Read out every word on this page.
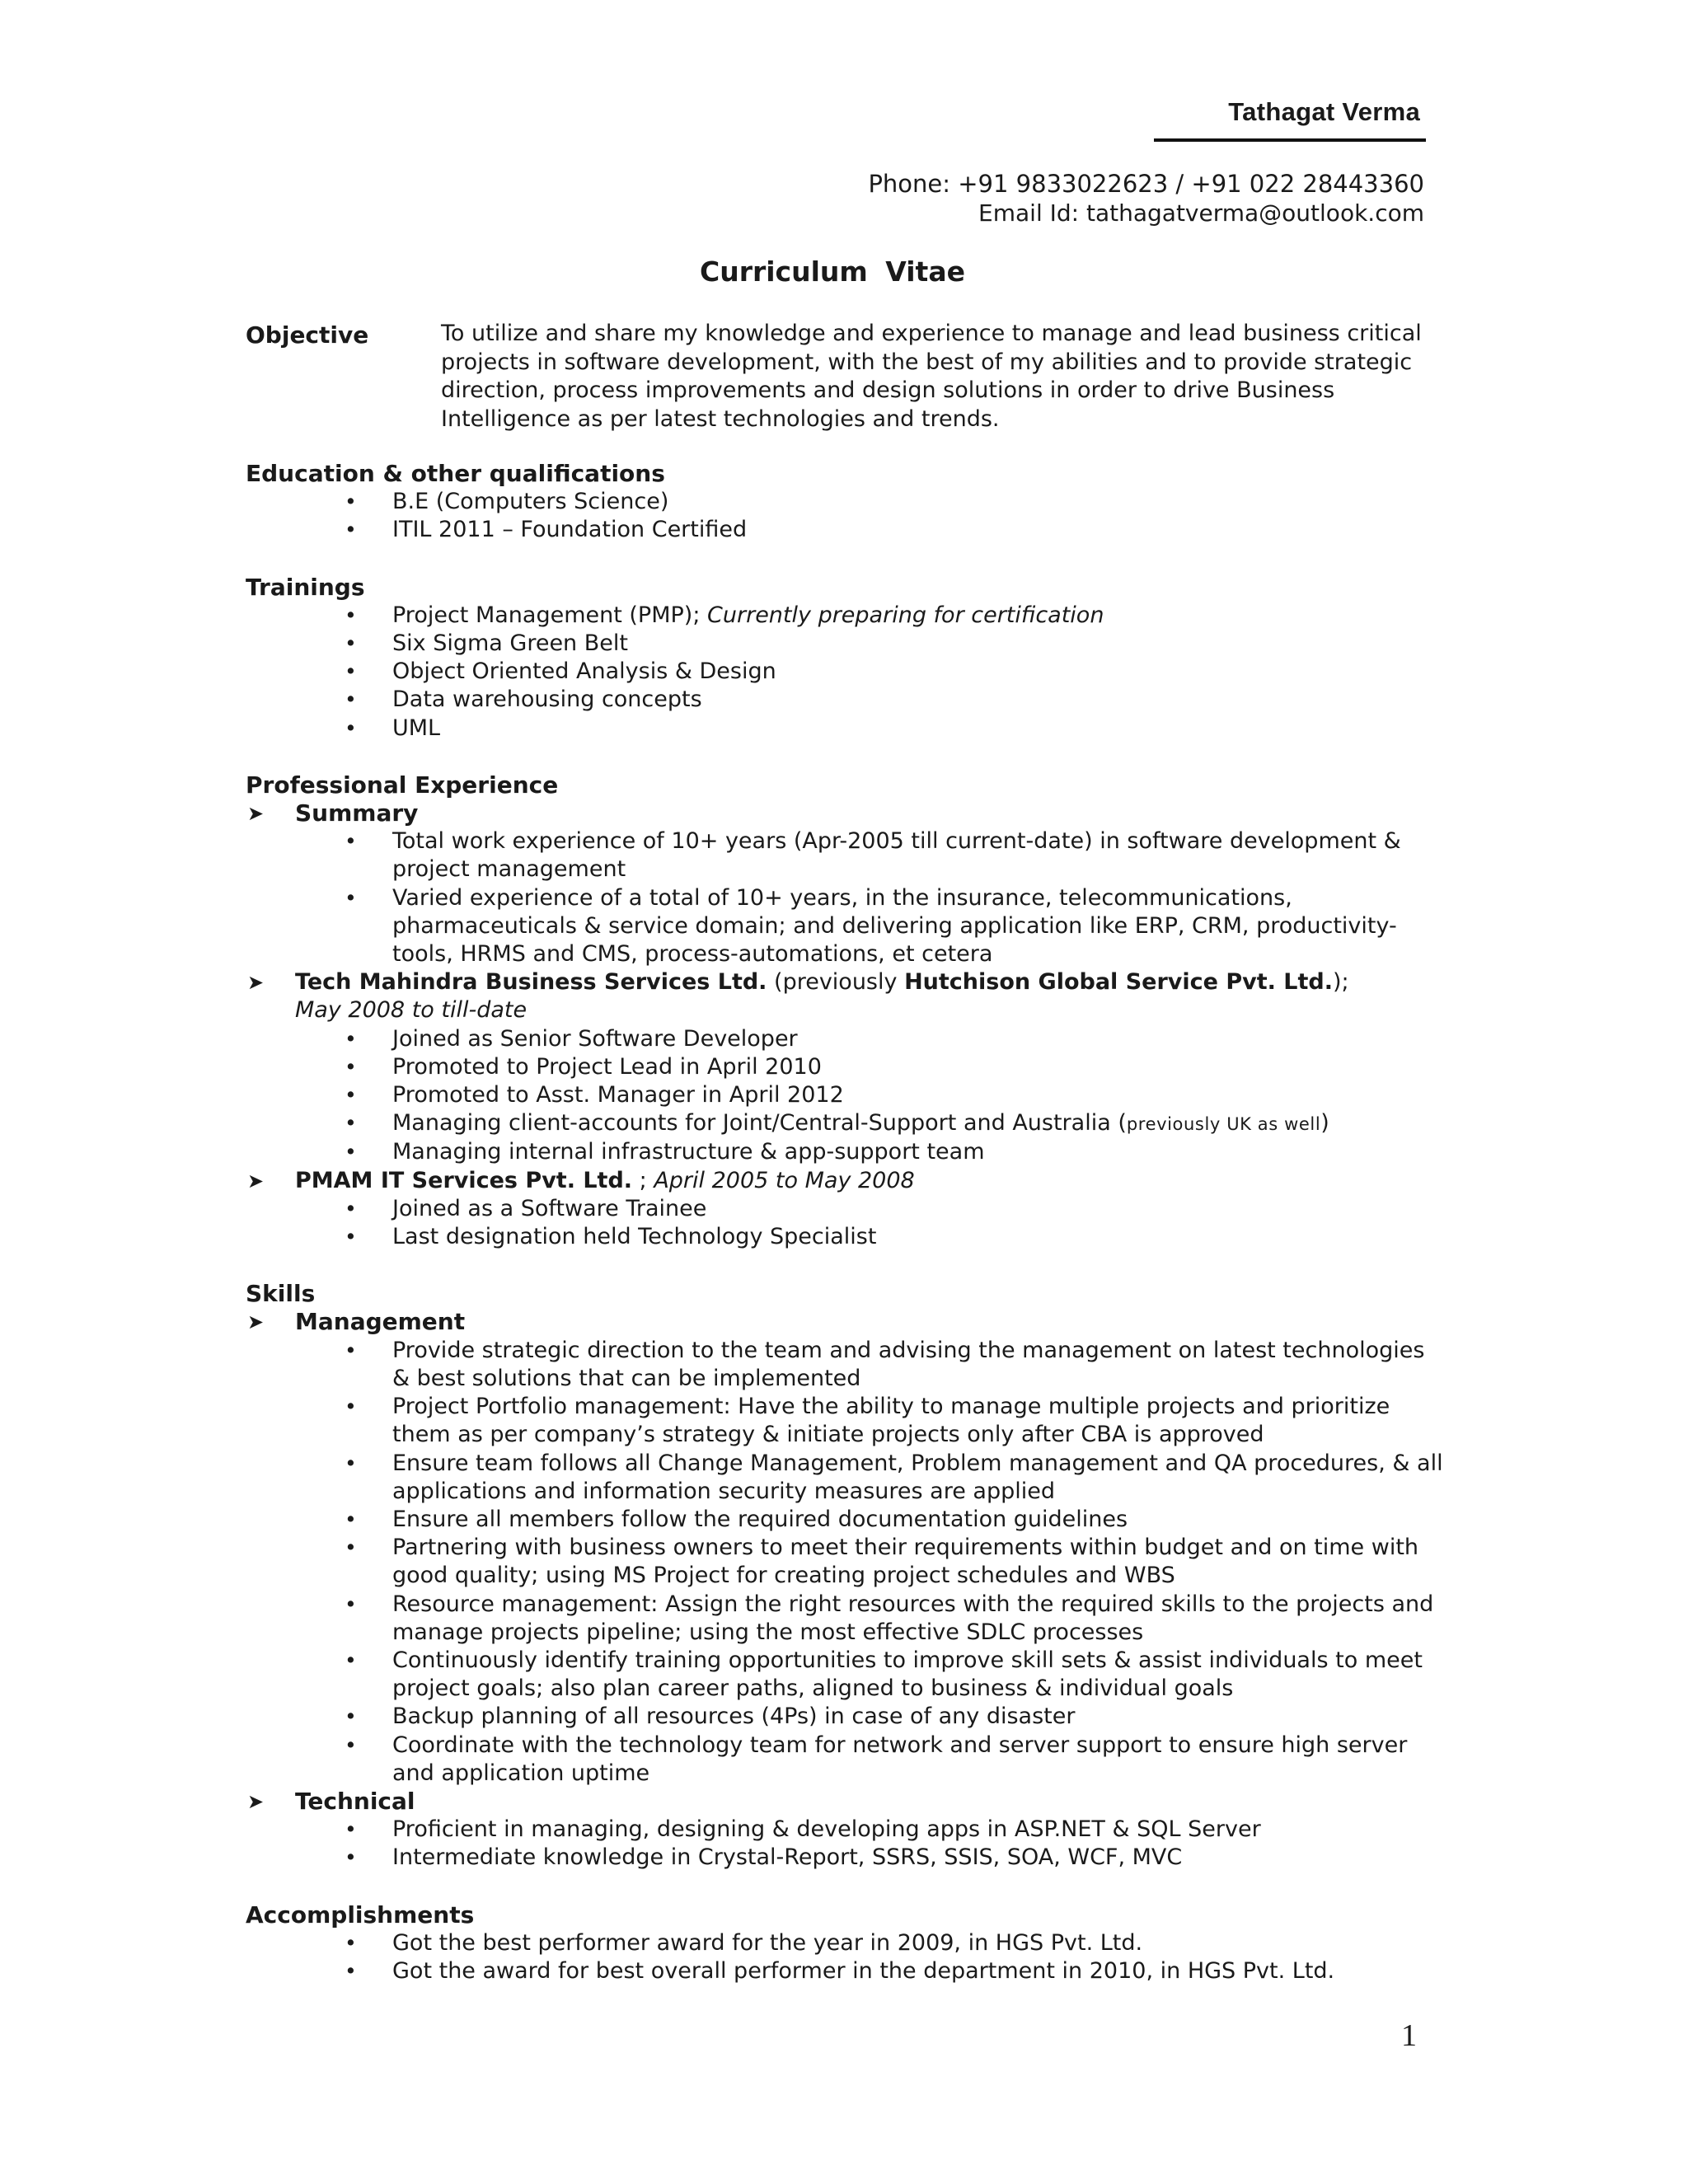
Tathagat Verma
Phone: +91 9833022623 / +91 022 28443360
Email Id: tathagatverma@outlook.com
Curriculum Vitae
Objective	To utilize and share my knowledge and experience to manage and lead business critical projects in software development, with the best of my abilities and to provide strategic direction, process improvements and design solutions in order to drive Business Intelligence as per latest technologies and trends.

Education & other qualifications

• B.E (Computers Science)
• ITIL 2011 – Foundation Certified

Trainings

• Project Management (PMP); Currently preparing for certification
• Six Sigma Green Belt
• Object Oriented Analysis & Design
• Data warehousing concepts
• UML

Professional Experience

➤ Summary

• Total work experience of 10+ years (Apr-2005 till current-date) in software development & project management
• Varied experience of a total of 10+ years, in the insurance, telecommunications, pharmaceuticals & service domain; and delivering application like ERP, CRM, productivity-tools, HRMS and CMS, process-automations, et cetera

➤ Tech Mahindra Business Services Ltd. (previously Hutchison Global Service Pvt. Ltd.);

May 2008 to till-date

• Joined as Senior Software Developer
• Promoted to Project Lead in April 2010
• Promoted to Asst. Manager in April 2012
• Managing client-accounts for Joint/Central-Support and Australia (previously UK as well)
• Managing internal infrastructure & app-support team

➤ PMAM IT Services Pvt. Ltd. ; April 2005 to May 2008

• Joined as a Software Trainee
• Last designation held Technology Specialist

Skills

➤ Management

• Provide strategic direction to the team and advising the management on latest technologies & best solutions that can be implemented
• Project Portfolio management: Have the ability to manage multiple projects and prioritize them as per company’s strategy & initiate projects only after CBA is approved
• Ensure team follows all Change Management, Problem management and QA procedures, & all applications and information security measures are applied
• Ensure all members follow the required documentation guidelines
• Partnering with business owners to meet their requirements within budget and on time with good quality; using MS Project for creating project schedules and WBS
• Resource management: Assign the right resources with the required skills to the projects and manage projects pipeline; using the most effective SDLC processes
• Continuously identify training opportunities to improve skill sets & assist individuals to meet project goals; also plan career paths, aligned to business & individual goals
• Backup planning of all resources (4Ps) in case of any disaster
• Coordinate with the technology team for network and server support to ensure high server and application uptime

➤ Technical

• Proficient in managing, designing & developing apps in ASP.NET & SQL Server
• Intermediate knowledge in Crystal-Report, SSRS, SSIS, SOA, WCF, MVC

Accomplishments

• Got the best performer award for the year in 2009, in HGS Pvt. Ltd.
• Got the award for best overall performer in the department in 2010, in HGS Pvt. Ltd.
1
